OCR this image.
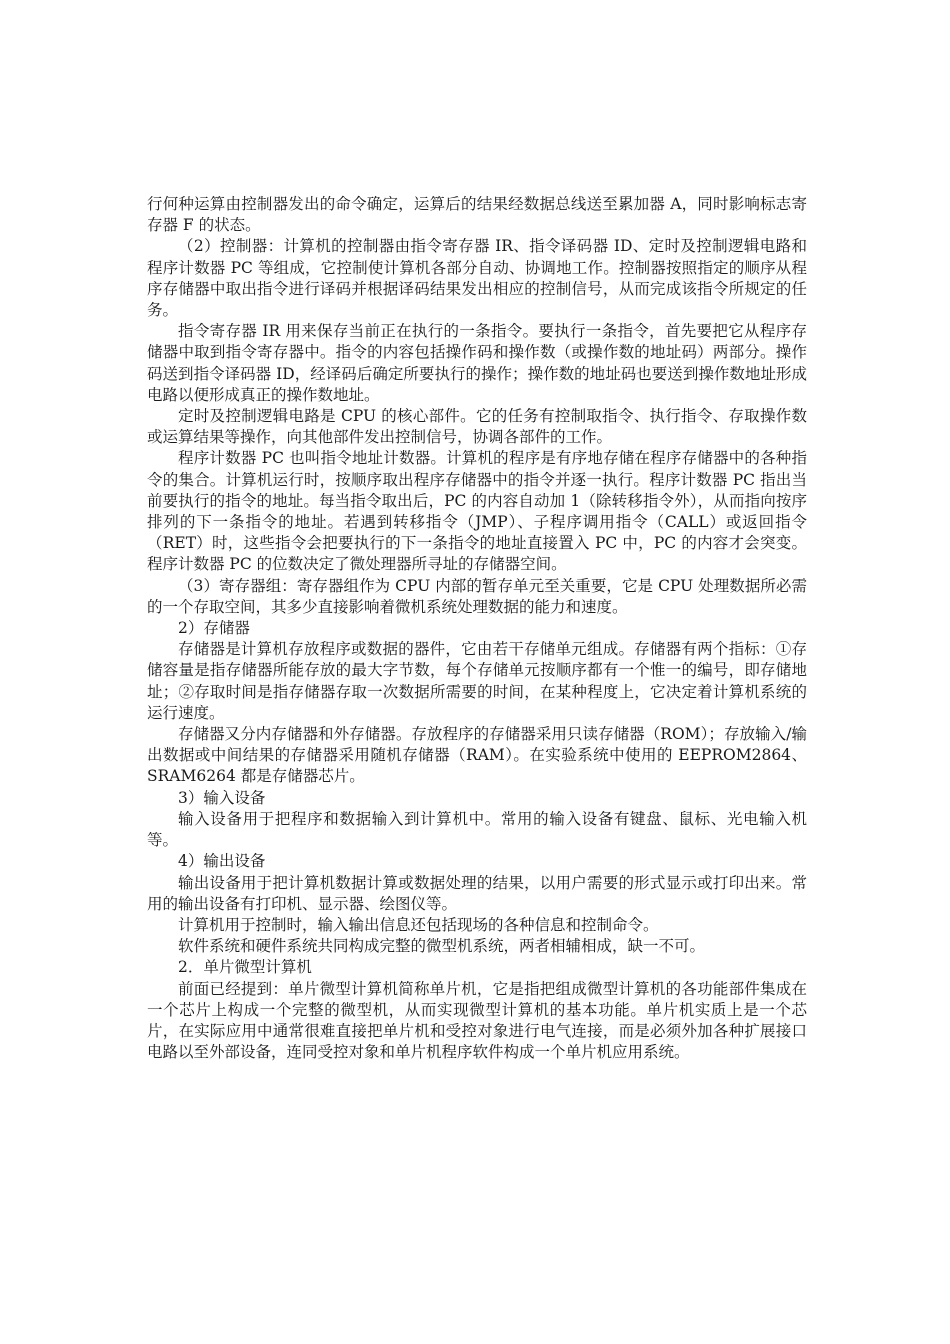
行何种运算由控制器发出的命令确定，运算后的结果经数据总线送至累加器 A，同时影响标志寄存器 F 的状态。

（2）控制器：计算机的控制器由指令寄存器 IR、指令译码器 ID、定时及控制逻辑电路和程序计数器 PC 等组成，它控制使计算机各部分自动、协调地工作。控制器按照指定的顺序从程序存储器中取出指令进行译码并根据译码结果发出相应的控制信号，从而完成该指令所规定的任务。

指令寄存器 IR 用来保存当前正在执行的一条指令。要执行一条指令，首先要把它从程序存储器中取到指令寄存器中。指令的内容包括操作码和操作数（或操作数的地址码）两部分。操作码送到指令译码器 ID，经译码后确定所要执行的操作；操作数的地址码也要送到操作数地址形成电路以便形成真正的操作数地址。

定时及控制逻辑电路是 CPU 的核心部件。它的任务有控制取指令、执行指令、存取操作数或运算结果等操作，向其他部件发出控制信号，协调各部件的工作。

程序计数器 PC 也叫指令地址计数器。计算机的程序是有序地存储在程序存储器中的各种指令的集合。计算机运行时，按顺序取出程序存储器中的指令并逐一执行。程序计数器 PC 指出当前要执行的指令的地址。每当指令取出后，PC 的内容自动加 1（除转移指令外），从而指向按序排列的下一条指令的地址。若遇到转移指令（JMP）、子程序调用指令（CALL）或返回指令（RET）时，这些指令会把要执行的下一条指令的地址直接置入 PC 中，PC 的内容才会突变。程序计数器 PC 的位数决定了微处理器所寻址的存储器空间。

（3）寄存器组：寄存器组作为 CPU 内部的暂存单元至关重要，它是 CPU 处理数据所必需的一个存取空间，其多少直接影响着微机系统处理数据的能力和速度。

2）存储器

存储器是计算机存放程序或数据的器件，它由若干存储单元组成。存储器有两个指标：①存储容量是指存储器所能存放的最大字节数，每个存储单元按顺序都有一个惟一的编号，即存储地址；②存取时间是指存储器存取一次数据所需要的时间，在某种程度上，它决定着计算机系统的运行速度。

存储器又分内存储器和外存储器。存放程序的存储器采用只读存储器（ROM）；存放输入/输出数据或中间结果的存储器采用随机存储器（RAM）。在实验系统中使用的 EEPROM2864、SRAM6264 都是存储器芯片。

3）输入设备

输入设备用于把程序和数据输入到计算机中。常用的输入设备有键盘、鼠标、光电输入机等。

4）输出设备

输出设备用于把计算机数据计算或数据处理的结果，以用户需要的形式显示或打印出来。常用的输出设备有打印机、显示器、绘图仪等。

计算机用于控制时，输入输出信息还包括现场的各种信息和控制命令。

软件系统和硬件系统共同构成完整的微型机系统，两者相辅相成，缺一不可。

2．单片微型计算机

前面已经提到：单片微型计算机简称单片机，它是指把组成微型计算机的各功能部件集成在一个芯片上构成一个完整的微型机，从而实现微型计算机的基本功能。单片机实质上是一个芯片，在实际应用中通常很难直接把单片机和受控对象进行电气连接，而是必须外加各种扩展接口电路以至外部设备，连同受控对象和单片机程序软件构成一个单片机应用系统。
